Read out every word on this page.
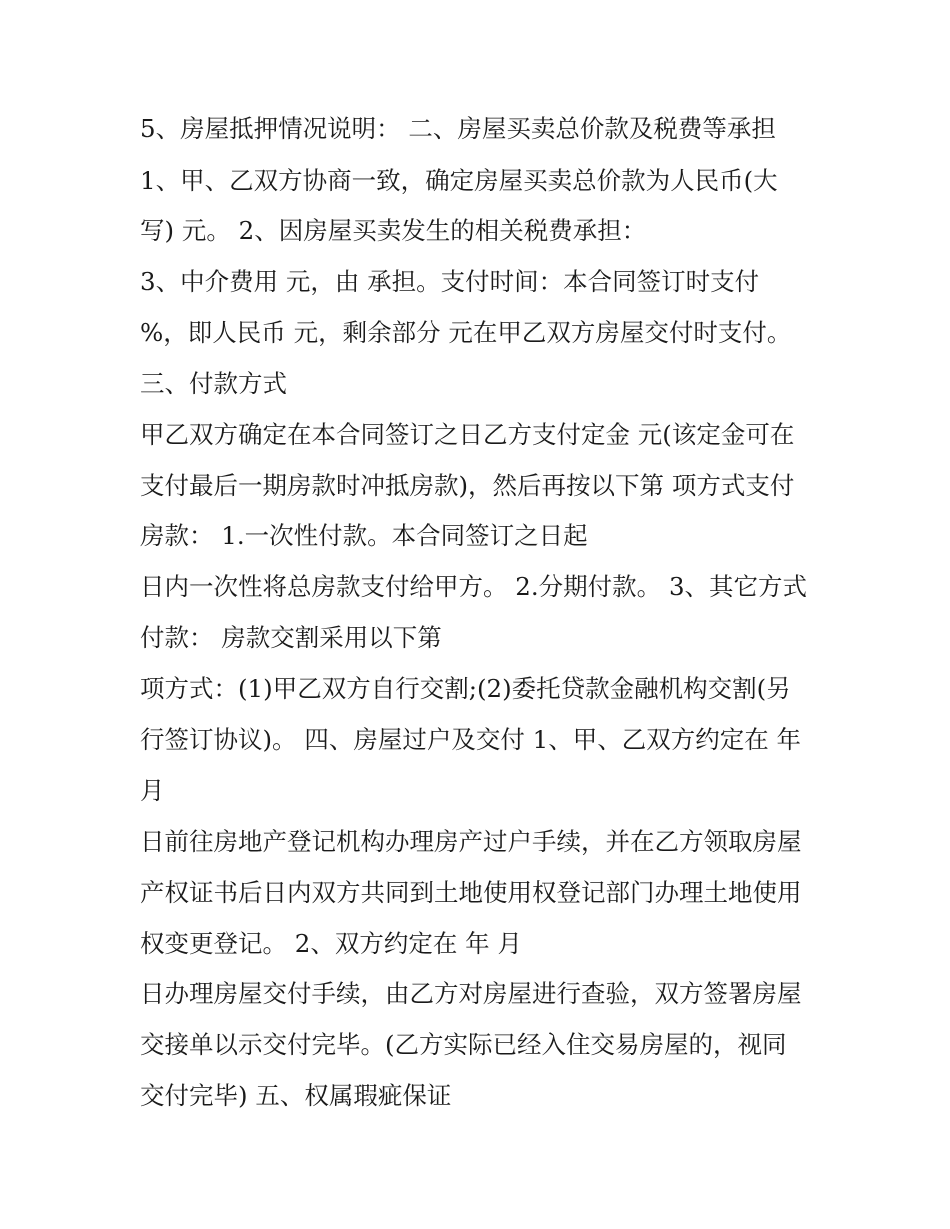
5、房屋抵押情况说明： 二、房屋买卖总价款及税费等承担

1、甲、乙双方协商一致，确定房屋买卖总价款为人民币(大

写) 元。 2、因房屋买卖发生的相关税费承担：

3、中介费用 元，由 承担。支付时间：本合同签订时支付

%，即人民币 元，剩余部分 元在甲乙双方房屋交付时支付。

三、付款方式

甲乙双方确定在本合同签订之日乙方支付定金 元(该定金可在

支付最后一期房款时冲抵房款)，然后再按以下第 项方式支付

房款： 1.一次性付款。本合同签订之日起

日内一次性将总房款支付给甲方。 2.分期付款。 3、其它方式

付款： 房款交割采用以下第

项方式：(1)甲乙双方自行交割;(2)委托贷款金融机构交割(另

行签订协议)。 四、房屋过户及交付 1、甲、乙双方约定在 年

月

日前往房地产登记机构办理房产过户手续，并在乙方领取房屋

产权证书后日内双方共同到土地使用权登记部门办理土地使用

权变更登记。 2、双方约定在 年 月

日办理房屋交付手续，由乙方对房屋进行查验，双方签署房屋

交接单以示交付完毕。(乙方实际已经入住交易房屋的，视同

交付完毕) 五、权属瑕疵保证
